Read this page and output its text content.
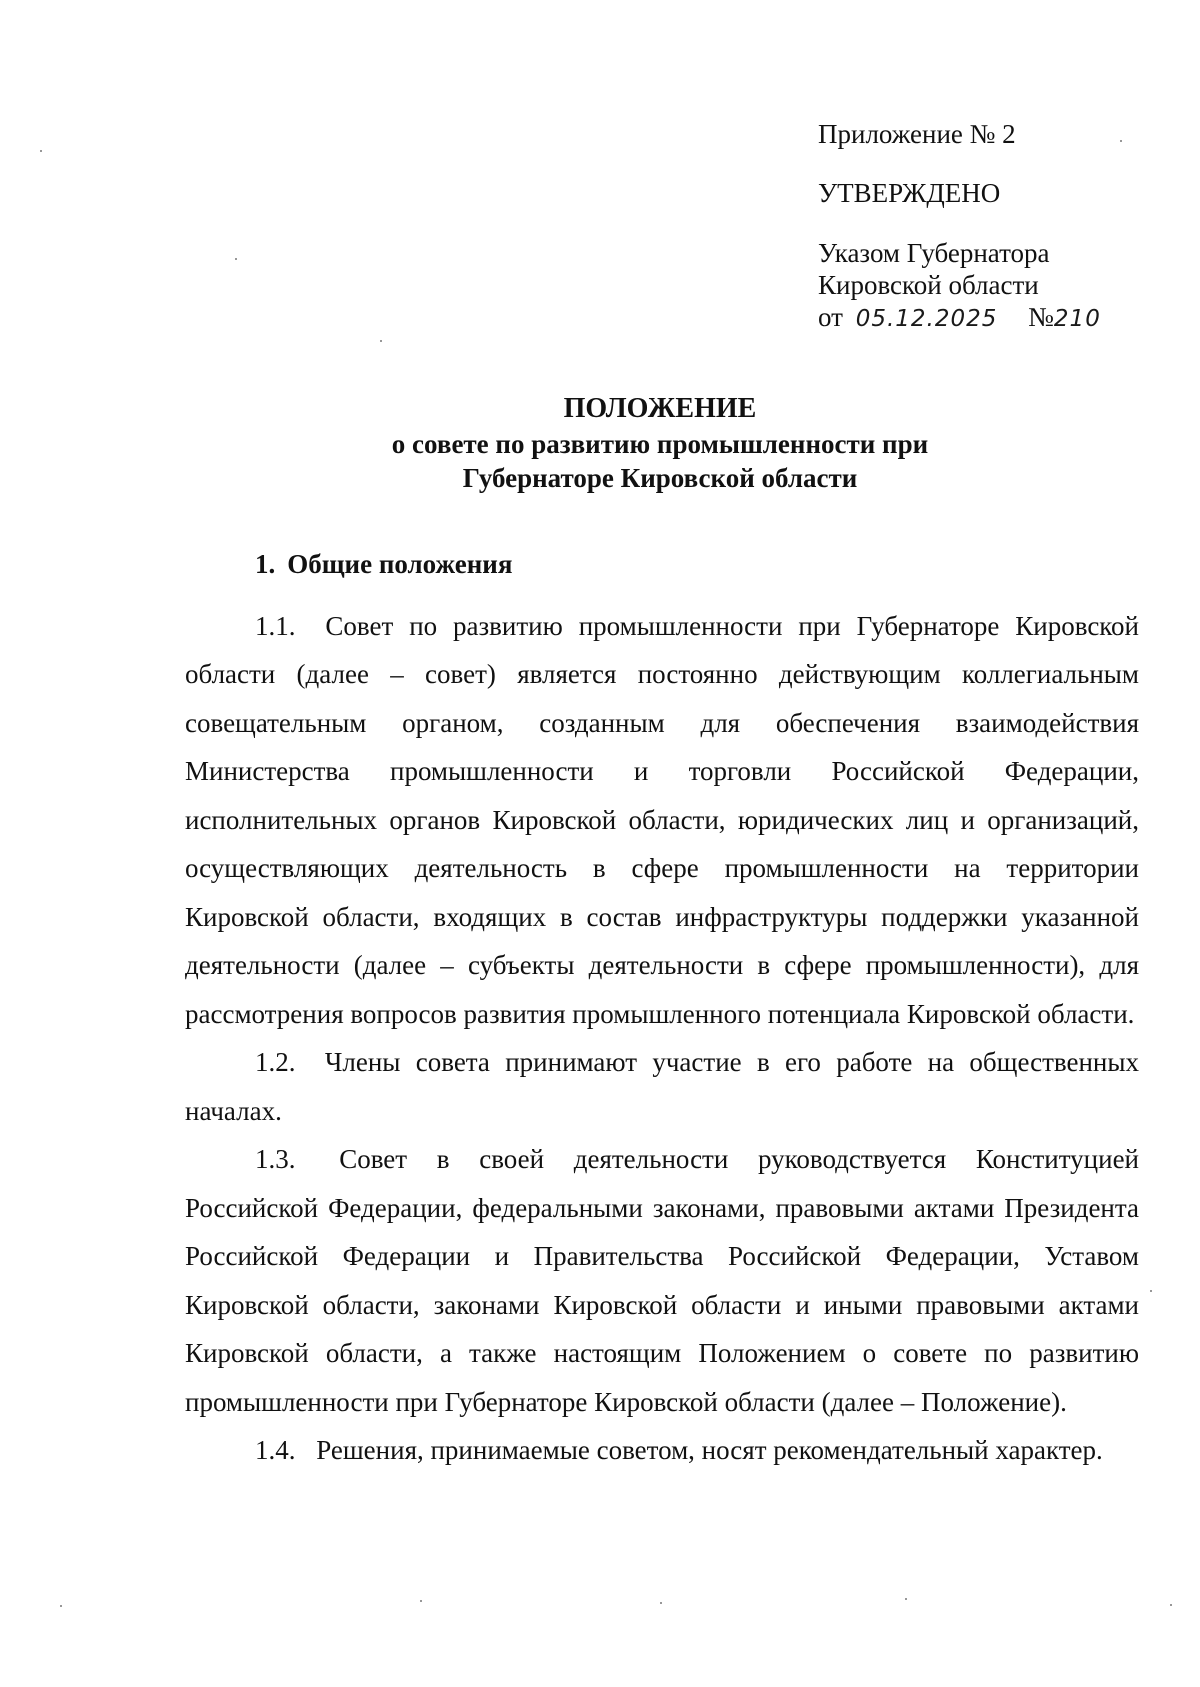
Приложение № 2
УТВЕРЖДЕНО
Указом Губернатора
Кировской области
от 05.12.2025 №210
ПОЛОЖЕНИЕ
о совете по развитию промышленности при
Губернаторе Кировской области
1. Общие положения

1.1. Совет по развитию промышленности при Губернаторе Кировской области (далее – совет) является постоянно действующим коллегиальным совещательным органом, созданным для обеспечения взаимодействия Министерства промышленности и торговли Российской Федерации, исполнительных органов Кировской области, юридических лиц и организаций, осуществляющих деятельность в сфере промышленности на территории Кировской области, входящих в состав инфраструктуры поддержки указанной деятельности (далее – субъекты деятельности в сфере промышленности), для рассмотрения вопросов развития промышленного потенциала Кировской области.

1.2. Члены совета принимают участие в его работе на общественных началах.

1.3. Совет в своей деятельности руководствуется Конституцией Российской Федерации, федеральными законами, правовыми актами Президента Российской Федерации и Правительства Российской Федерации, Уставом Кировской области, законами Кировской области и иными правовыми актами Кировской области, а также настоящим Положением о совете по развитию промышленности при Губернаторе Кировской области (далее – Положение).

1.4. Решения, принимаемые советом, носят рекомендательный характер.
